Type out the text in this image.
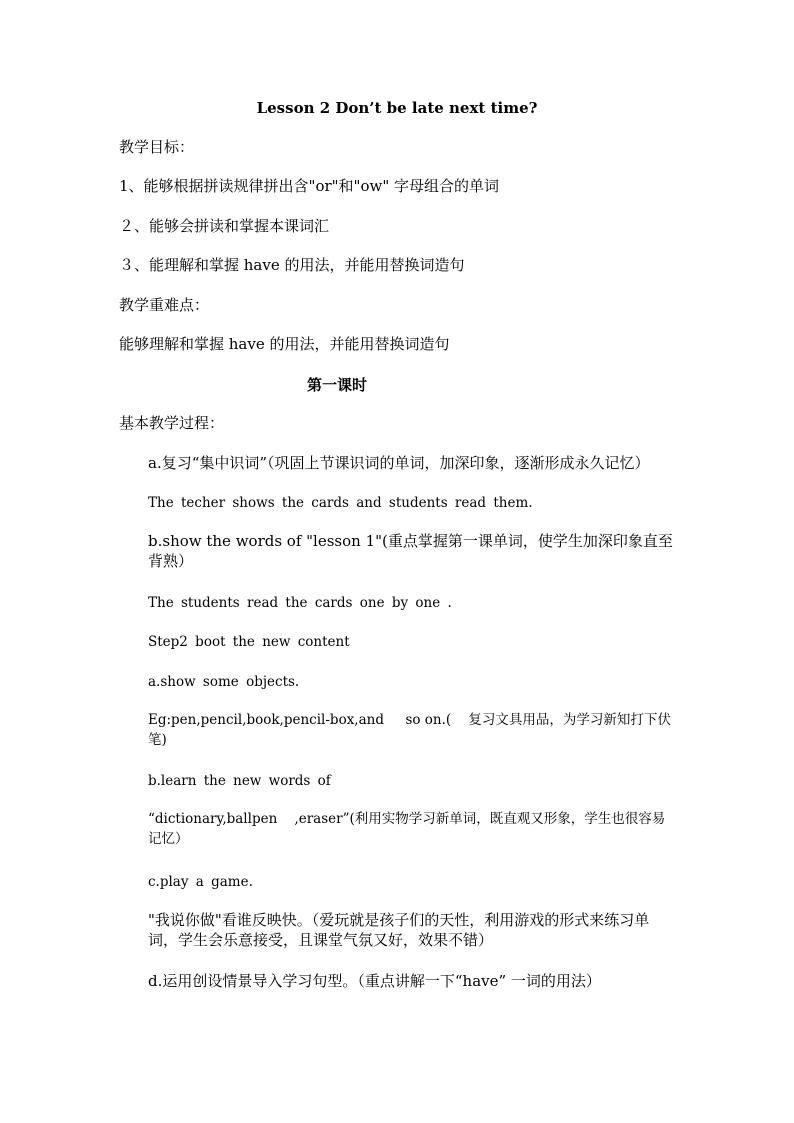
Lesson 2 Don’t be late next time?
教学目标：
1、能够根据拼读规律拼出含"or"和"ow" 字母组合的单词
２、能够会拼读和掌握本课词汇
３、能理解和掌握 have 的用法，并能用替换词造句
教学重难点：
能够理解和掌握 have 的用法，并能用替换词造句
第一课时
基本教学过程：
a.复习“集中识词”（巩固上节课识词的单词，加深印象，逐渐形成永久记忆）
The techer shows the cards and students read them.
b.show the words of "lesson 1"(重点掌握第一课单词，使学生加深印象直至背熟）
The students read the cards one by one .
Step2 boot the new content
a.show some objects.
Eg:pen,pencil,book,pencil-box,and     so on.(    复习文具用品，为学习新知打下伏笔)
b.learn the new words of
“dictionary,ballpen    ,eraser”(利用实物学习新单词，既直观又形象，学生也很容易记忆）
c.play a game.
"我说你做"看谁反映快。（爱玩就是孩子们的天性，利用游戏的形式来练习单词，学生会乐意接受，且课堂气氛又好，效果不错）
d.运用创设情景导入学习句型。（重点讲解一下“have” 一词的用法）
